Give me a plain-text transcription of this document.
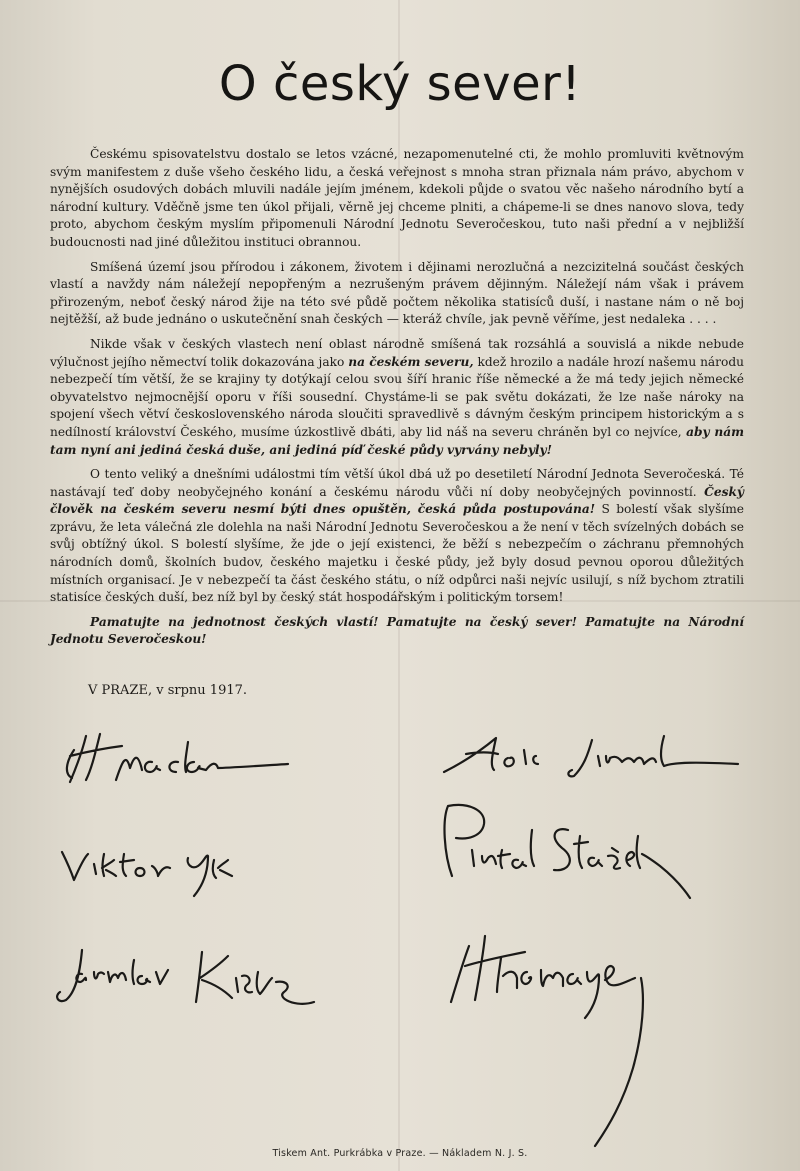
O český sever!

Českému spisovatelstvu dostalo se letos vzácné, nezapomenutelné cti, že mohlo promluviti květnovým svým manifestem z duše všeho českého lidu, a česká veřejnost s mnoha stran přiznala nám právo, abychom v nynějších osudových dobách mluvili nadále jejím jménem, kdekoli půjde o svatou věc našeho národního bytí a národní kultury. Vděčně jsme ten úkol přijali, věrně jej chceme plniti, a chápeme-li se dnes nanovo slova, tedy proto, abychom českým myslím připomenuli Národní Jednotu Severočeskou, tuto naši přední a v nejbližší budoucnosti nad jiné důležitou instituci obrannou.

Smíšená území jsou přírodou i zákonem, životem i dějinami nerozlučná a nezcizitelná součást českých vlastí a navždy nám náležejí nepopřeným a nezrušeným právem dějinným. Náležejí nám však i právem přirozeným, neboť český národ žije na této své půdě počtem několika statisíců duší, i nastane nám o ně boj nejtěžší, až bude jednáno o uskutečnění snah českých — kteráž chvíle, jak pevně věříme, jest nedaleka . . . .

Nikde však v českých vlastech není oblast národně smíšená tak rozsáhlá a souvislá a nikde nebude výlučnost jejího němectví tolik dokazována jako na českém severu, kdež hrozilo a nadále hrozí našemu národu nebezpečí tím větší, že se krajiny ty dotýkají celou svou šíří hranic říše německé a že má tedy jejich německé obyvatelstvo nejmocnější oporu v říši sousední. Chystáme-li se pak světu dokázati, že lze naše nároky na spojení všech větví československého národa sloučiti spravedlivě s dávným českým principem historickým a s nedílností království Českého, musíme úzkostlivě dbáti, aby lid náš na severu chráněn byl co nejvíce, aby nám tam nyní ani jediná česká duše, ani jediná píď české půdy vyrvány nebyly!

O tento veliký a dnešními událostmi tím větší úkol dbá už po desetiletí Národní Jednota Severočeská. Té nastávají teď doby neobyčejného konání a českému národu vůči ní doby neobyčejných povinností. Český člověk na českém severu nesmí býti dnes opuštěn, česká půda postupována! S bolestí však slyšíme zprávu, že leta válečná zle dolehla na naši Národní Jednotu Severočeskou a že není v těch svízelných dobách se svůj obtížný úkol. S bolestí slyšíme, že jde o její existenci, že běží s nebezpečím o záchranu přemnohých národních domů, školních budov, českého majetku i české půdy, jež byly dosud pevnou oporou důležitých místních organisací. Je v nebezpečí ta část českého státu, o níž odpůrci naši nejvíc usilují, s níž bychom ztratili statisíce českých duší, bez níž byl by český stát hospodářským i politickým torsem!

Pamatujte na jednotnost českých vlastí! Pamatujte na český sever! Pamatujte na Národní Jednotu Severočeskou!

V PRAZE, v srpnu 1917.

Tiskem Ant. Purkrábka v Praze. — Nákladem N. J. S.
